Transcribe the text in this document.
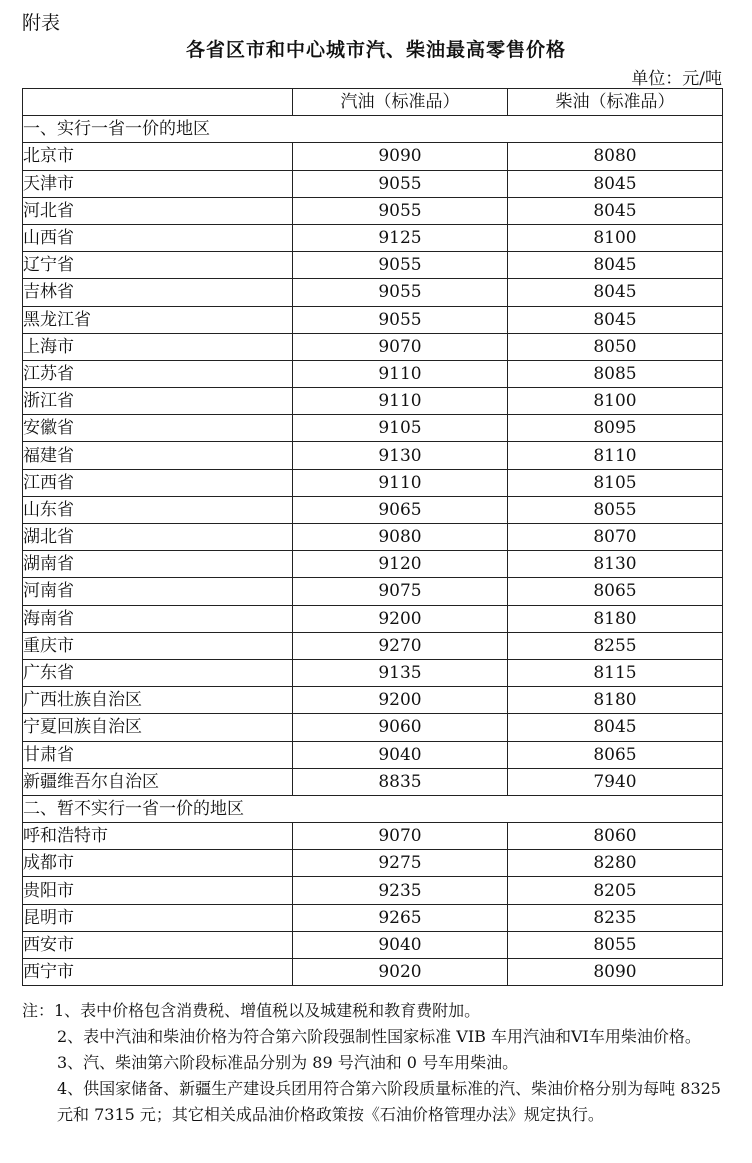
附表
各省区市和中心城市汽、柴油最高零售价格
单位：元/吨
	汽油（标准品）	柴油（标准品）
一、实行一省一价的地区		
北京市	9090	8080
天津市	9055	8045
河北省	9055	8045
山西省	9125	8100
辽宁省	9055	8045
吉林省	9055	8045
黑龙江省	9055	8045
上海市	9070	8050
江苏省	9110	8085
浙江省	9110	8100
安徽省	9105	8095
福建省	9130	8110
江西省	9110	8105
山东省	9065	8055
湖北省	9080	8070
湖南省	9120	8130
河南省	9075	8065
海南省	9200	8180
重庆市	9270	8255
广东省	9135	8115
广西壮族自治区	9200	8180
宁夏回族自治区	9060	8045
甘肃省	9040	8065
新疆维吾尔自治区	8835	7940
二、暂不实行一省一价的地区		
呼和浩特市	9070	8060
成都市	9275	8280
贵阳市	9235	8205
昆明市	9265	8235
西安市	9040	8055
西宁市	9020	8090

注：1、表中价格包含消费税、增值税以及城建税和教育费附加。

2、表中汽油和柴油价格为符合第六阶段强制性国家标准 VIB 车用汽油和VI车用柴油价格。

3、汽、柴油第六阶段标准品分别为 89 号汽油和 0 号车用柴油。

4、供国家储备、新疆生产建设兵团用符合第六阶段质量标准的汽、柴油价格分别为每吨 8325 元和 7315 元；其它相关成品油价格政策按《石油价格管理办法》规定执行。
